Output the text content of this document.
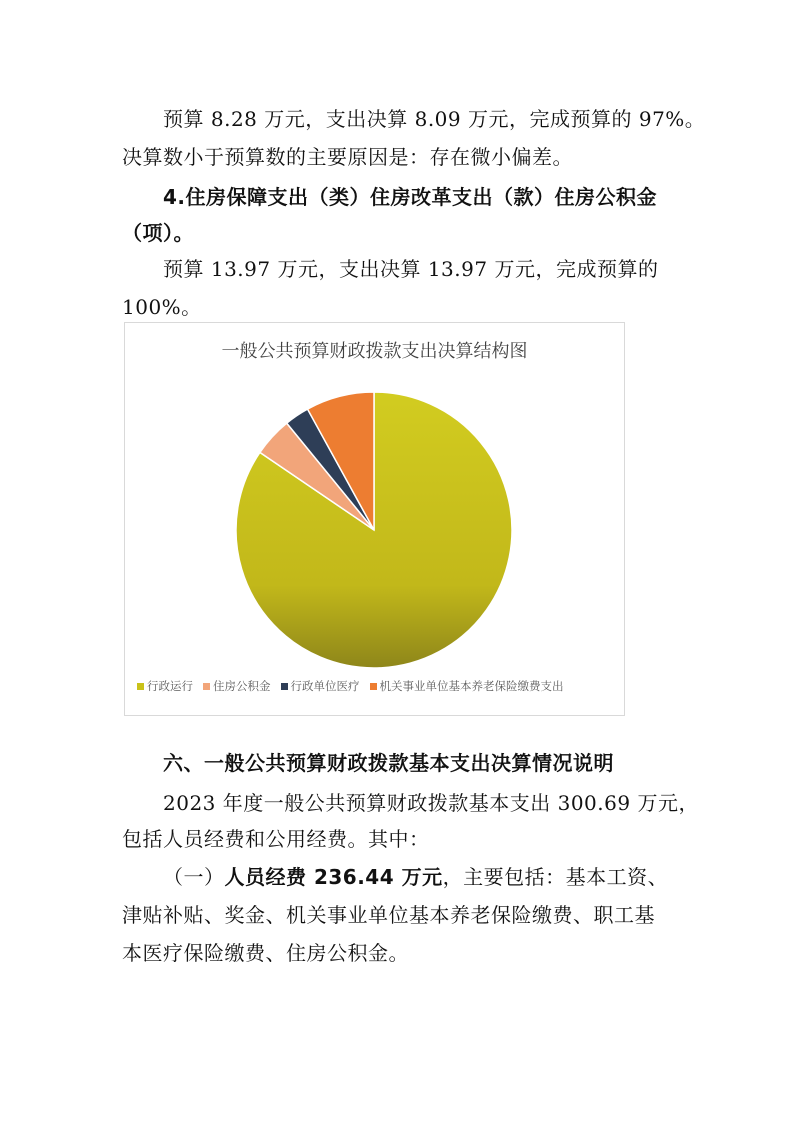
预算 8.28 万元，支出决算 8.09 万元，完成预算的 97%。
决算数小于预算数的主要原因是：存在微小偏差。
4.住房保障支出（类）住房改革支出（款）住房公积金
（项）。
预算 13.97 万元，支出决算 13.97 万元，完成预算的
100%。
一般公共预算财政拨款支出决算结构图
行政运行 住房公积金 行政单位医疗 机关事业单位基本养老保险缴费支出
六、一般公共预算财政拨款基本支出决算情况说明
2023 年度一般公共预算财政拨款基本支出 300.69 万元，
包括人员经费和公用经费。其中：
（一）人员经费 236.44 万元，主要包括：基本工资、
津贴补贴、奖金、机关事业单位基本养老保险缴费、职工基
本医疗保险缴费、住房公积金。
